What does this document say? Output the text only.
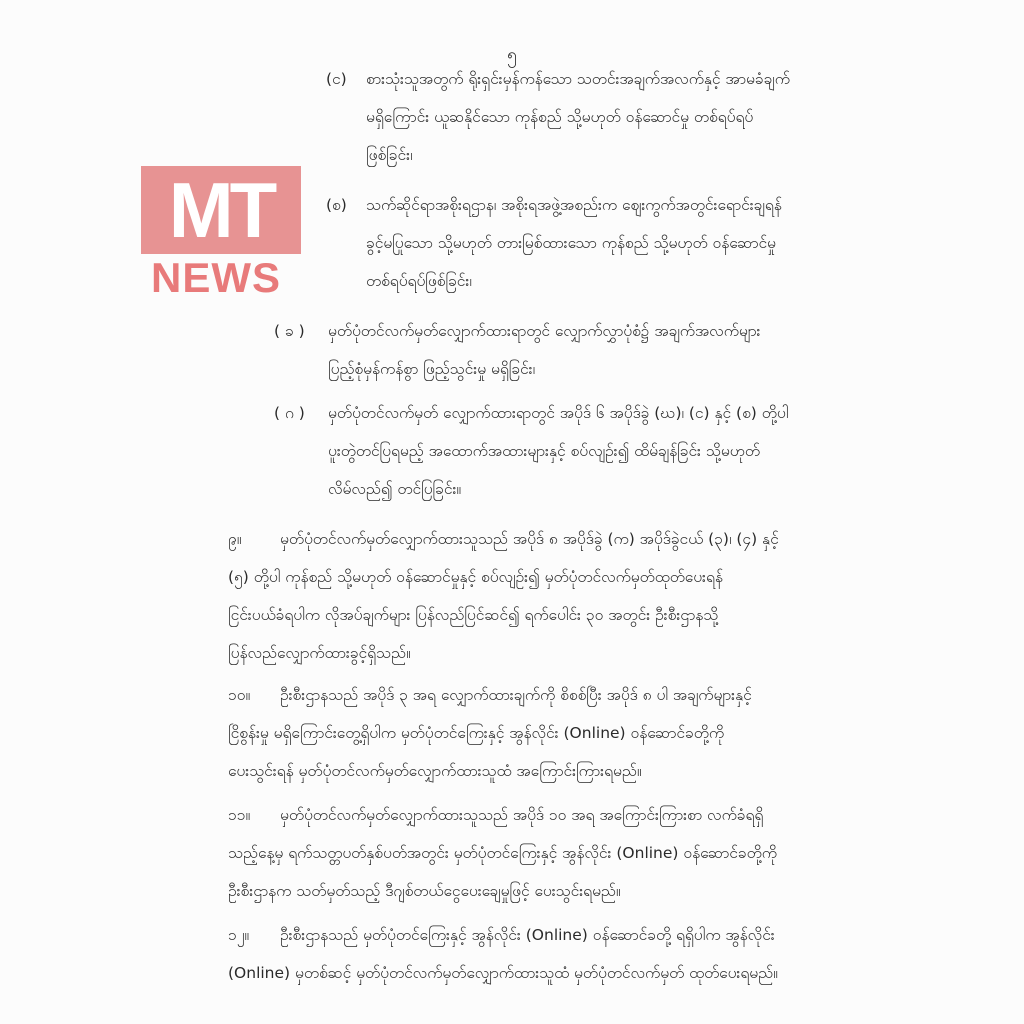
၅
MT
NEWS
(င) စားသုံးသူအတွက် ရိုးရှင်းမှန်ကန်သော သတင်းအချက်အလက်နှင့် အာမခံချက်
မရှိကြောင်း ယူဆနိုင်သော ကုန်စည် သို့မဟုတ် ဝန်ဆောင်မှု တစ်ရပ်ရပ်
ဖြစ်ခြင်း၊
(စ) သက်ဆိုင်ရာအစိုးရဌာန၊ အစိုးရအဖွဲ့အစည်းက ဈေးကွက်အတွင်းရောင်းချရန်
ခွင့်မပြုသော သို့မဟုတ် တားမြစ်ထားသော ကုန်စည် သို့မဟုတ် ဝန်ဆောင်မှု
တစ်ရပ်ရပ်ဖြစ်ခြင်း၊
( ခ ) မှတ်ပုံတင်လက်မှတ်လျှောက်ထားရာတွင် လျှောက်လွှာပုံစံ၌ အချက်အလက်များ
ပြည့်စုံမှန်ကန်စွာ ဖြည့်သွင်းမှု မရှိခြင်း၊
( ဂ ) မှတ်ပုံတင်လက်မှတ် လျှောက်ထားရာတွင် အပိုဒ် ၆ အပိုဒ်ခွဲ (ဃ)၊ (င) နှင့် (စ) တို့ပါ
ပူးတွဲတင်ပြရမည့် အထောက်အထားများနှင့် စပ်လျဉ်း၍ ထိမ်ချန်ခြင်း သို့မဟုတ်
လိမ်လည်၍ တင်ပြခြင်း။
၉။ မှတ်ပုံတင်လက်မှတ်လျှောက်ထားသူသည် အပိုဒ် ၈ အပိုဒ်ခွဲ (က) အပိုဒ်ခွဲငယ် (၃)၊ (၄) နှင့်
(၅) တို့ပါ ကုန်စည် သို့မဟုတ် ဝန်ဆောင်မှုနှင့် စပ်လျဉ်း၍ မှတ်ပုံတင်လက်မှတ်ထုတ်ပေးရန်
ငြင်းပယ်ခံရပါက လိုအပ်ချက်များ ပြန်လည်ပြင်ဆင်၍ ရက်ပေါင်း ၃၀ အတွင်း ဦးစီးဌာနသို့
ပြန်လည်လျှောက်ထားခွင့်ရှိသည်။
၁၀။ ဦးစီးဌာနသည် အပိုဒ် ၃ အရ လျှောက်ထားချက်ကို စိစစ်ပြီး အပိုဒ် ၈ ပါ အချက်များနှင့်
ငြိစွန်းမှု မရှိကြောင်းတွေ့ရှိပါက မှတ်ပုံတင်ကြေးနှင့် အွန်လိုင်း (Online) ဝန်ဆောင်ခတို့ကို
ပေးသွင်းရန် မှတ်ပုံတင်လက်မှတ်လျှောက်ထားသူထံ အကြောင်းကြားရမည်။
၁၁။ မှတ်ပုံတင်လက်မှတ်လျှောက်ထားသူသည် အပိုဒ် ၁၀ အရ အကြောင်းကြားစာ လက်ခံရရှိ
သည့်နေ့မှ ရက်သတ္တပတ်နှစ်ပတ်အတွင်း မှတ်ပုံတင်ကြေးနှင့် အွန်လိုင်း (Online) ဝန်ဆောင်ခတို့ကို
ဦးစီးဌာနက သတ်မှတ်သည့် ဒီဂျစ်တယ်ငွေပေးချေမှုဖြင့် ပေးသွင်းရမည်။
၁၂။ ဦးစီးဌာနသည် မှတ်ပုံတင်ကြေးနှင့် အွန်လိုင်း (Online) ဝန်ဆောင်ခတို့ ရရှိပါက အွန်လိုင်း
(Online) မှတစ်ဆင့် မှတ်ပုံတင်လက်မှတ်လျှောက်ထားသူထံ မှတ်ပုံတင်လက်မှတ် ထုတ်ပေးရမည်။
